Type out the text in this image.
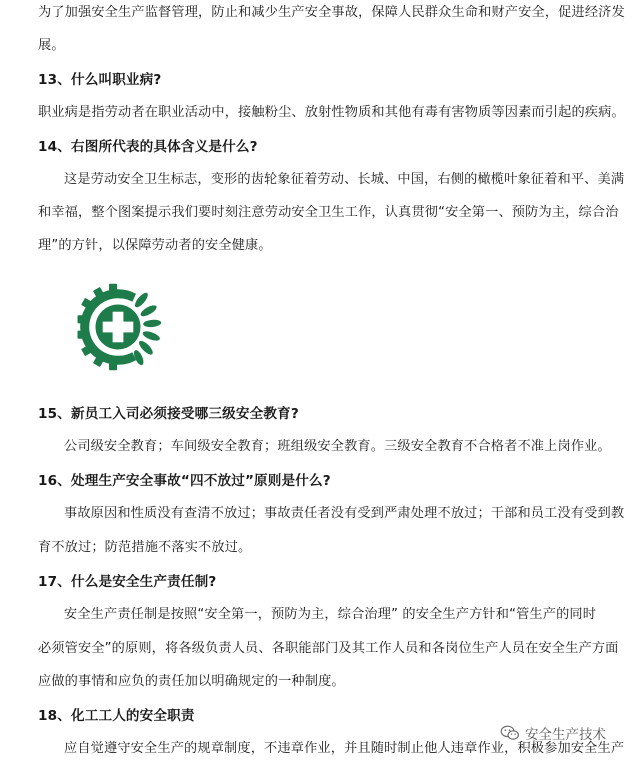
为了加强安全生产监督管理，防止和减少生产安全事故，保障人民群众生命和财产安全，促进经济发
展。
13、什么叫职业病?
职业病是指劳动者在职业活动中，接触粉尘、放射性物质和其他有毒有害物质等因素而引起的疾病。
14、右图所代表的具体含义是什么?
这是劳动安全卫生标志，变形的齿轮象征着劳动、长城、中国，右侧的橄榄叶象征着和平、美满
和幸福，整个图案提示我们要时刻注意劳动安全卫生工作，认真贯彻“安全第一、预防为主，综合治
理”的方针，以保障劳动者的安全健康。
15、新员工入司必须接受哪三级安全教育?
公司级安全教育；车间级安全教育；班组级安全教育。三级安全教育不合格者不准上岗作业。
16、处理生产安全事故“四不放过”原则是什么?
事故原因和性质没有查清不放过；事故责任者没有受到严肃处理不放过；干部和员工没有受到教
育不放过；防范措施不落实不放过。
17、什么是安全生产责任制?
安全生产责任制是按照“安全第一，预防为主，综合治理” 的安全生产方针和“管生产的同时
必须管安全”的原则，将各级负责人员、各职能部门及其工作人员和各岗位生产人员在安全生产方面
应做的事情和应负的责任加以明确规定的一种制度。
18、化工工人的安全职责
应自觉遵守安全生产的规章制度，不违章作业，并且随时制止他人违章作业，积极参加安全生产
安全生产技术
